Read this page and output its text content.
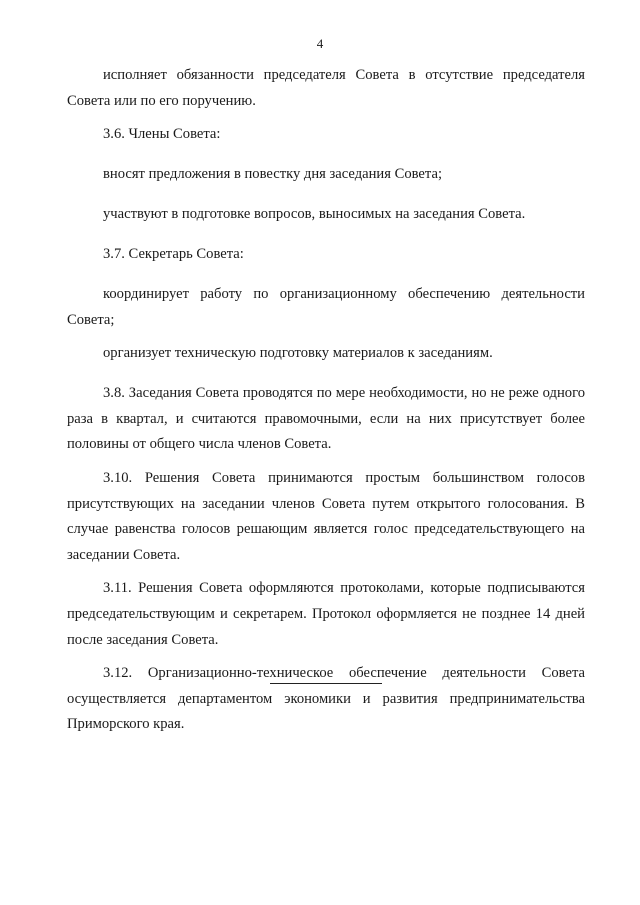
4

исполняет обязанности председателя Совета в отсутствие председателя Совета или по его поручению.

3.6. Члены Совета:

вносят предложения в повестку дня заседания Совета;

участвуют в подготовке вопросов, выносимых на заседания Совета.

3.7. Секретарь Совета:

координирует работу по организационному обеспечению деятельности Совета;

организует техническую подготовку материалов к заседаниям.

3.8. Заседания Совета проводятся по мере необходимости, но не реже одного раза в квартал, и считаются правомочными, если на них присутствует более половины от общего числа членов Совета.

3.10. Решения Совета принимаются простым большинством голосов присутствующих на заседании членов Совета путем открытого голосования. В случае равенства голосов решающим является голос председательствующего на заседании Совета.

3.11. Решения Совета оформляются протоколами, которые подписываются председательствующим и секретарем. Протокол оформляется не позднее 14 дней после заседания Совета.

3.12. Организационно-техническое обеспечение деятельности Совета осуществляется департаментом экономики и развития предпринимательства Приморского края.
